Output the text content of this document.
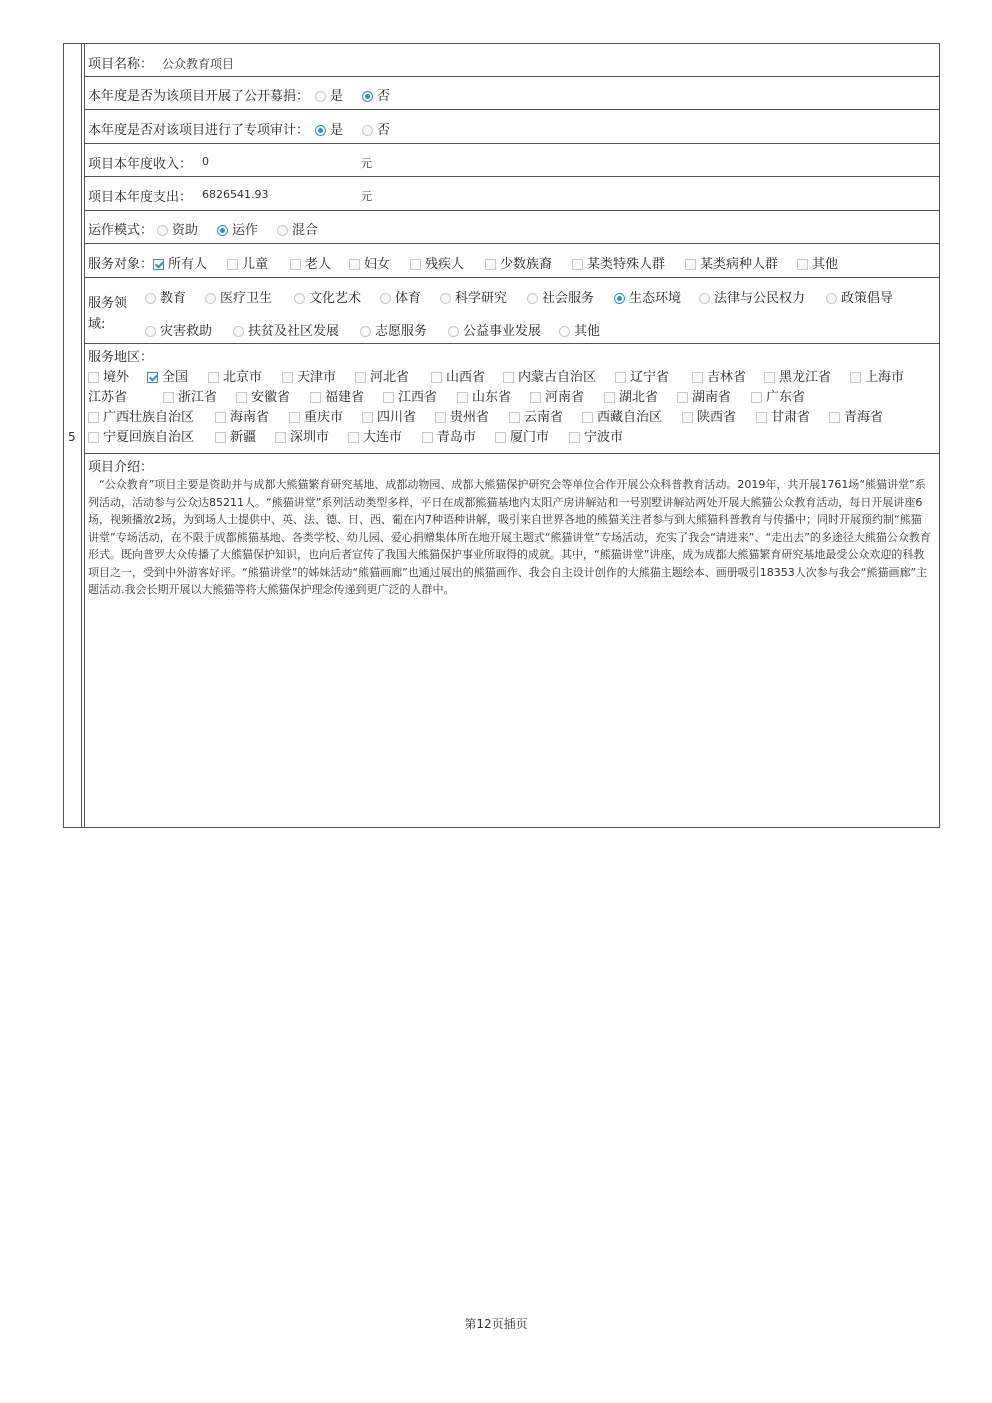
5
项目名称： 公众教育项目
本年度是否为该项目开展了公开募捐：	是	否
本年度是否对该项目进行了专项审计：	是	否
项目本年度收入： 0	元
项目本年度支出： 6826541.93	元
运作模式：	资助	运作	混合
服务对象：	所有人	儿童	老人	妇女	残疾人	少数族裔	某类特殊人群	某类病种人群	其他
服务领
域:
教育	医疗卫生	文化艺术	体育	科学研究	社会服务	生态环境	法律与公民权力	政策倡导
灾害救助	扶贫及社区发展	志愿服务	公益事业发展	其他
服务地区：
境外	全国	北京市	天津市	河北省	山西省	内蒙古自治区	辽宁省	吉林省	黑龙江省	上海市
江苏省	浙江省	安徽省	福建省	江西省	山东省	河南省	湖北省	湖南省	广东省
广西壮族自治区	海南省	重庆市	四川省	贵州省	云南省	西藏自治区	陕西省	甘肃省	青海省
宁夏回族自治区	新疆	深圳市	大连市	青岛市	厦门市	宁波市
项目介绍：
“公众教育”项目主要是资助并与成都大熊猫繁育研究基地、成都动物园、成都大熊猫保护研究会等单位合作开展公众科普教育活动。2019年，共开展1761场“熊猫讲堂”系列活动，活动参与公众达85211人。“熊猫讲堂”系列活动类型多样，平日在成都熊猫基地内太阳产房讲解站和一号别墅讲解站两处开展大熊猫公众教育活动，每日开展讲座6场，视频播放2场，为到场人士提供中、英、法、德、日、西、葡在内7种语种讲解，吸引来自世界各地的熊猫关注者参与到大熊猫科普教育与传播中；同时开展预约制“熊猫讲堂”专场活动，在不限于成都熊猫基地、各类学校、幼儿园、爱心捐赠集体所在地开展主题式“熊猫讲堂”专场活动，充实了我会“请进来”、“走出去”的多途径大熊猫公众教育形式。既向普罗大众传播了大熊猫保护知识，也向后者宣传了我国大熊猫保护事业所取得的成就。其中，“熊猫讲堂”讲座，成为成都大熊猫繁育研究基地最受公众欢迎的科教项目之一，受到中外游客好评。“熊猫讲堂”的姊妹活动“熊猫画廊”也通过展出的熊猫画作、我会自主设计创作的大熊猫主题绘本、画册吸引18353人次参与我会“熊猫画廊”主题活动.我会长期开展以大熊猫等将大熊猫保护理念传递到更广泛的人群中。
第12页插页
